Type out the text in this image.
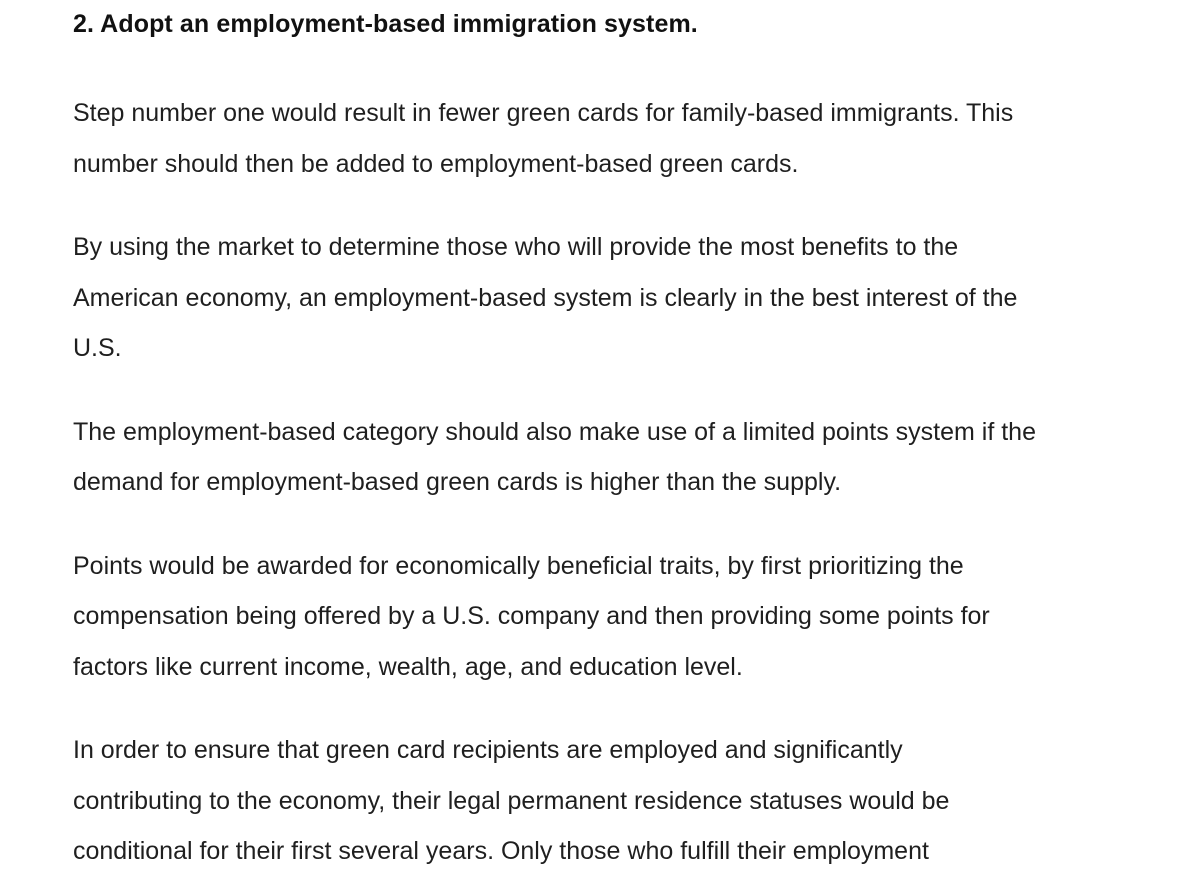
2. Adopt an employment-based immigration system.

Step number one would result in fewer green cards for family-based immigrants. This
number should then be added to employment-based green cards.

By using the market to determine those who will provide the most benefits to the
American economy, an employment-based system is clearly in the best interest of the
U.S.

The employment-based category should also make use of a limited points system if the
demand for employment-based green cards is higher than the supply.

Points would be awarded for economically beneficial traits, by first prioritizing the
compensation being offered by a U.S. company and then providing some points for
factors like current income, wealth, age, and education level.

In order to ensure that green card recipients are employed and significantly
contributing to the economy, their legal permanent residence statuses would be
conditional for their first several years. Only those who fulfill their employment
